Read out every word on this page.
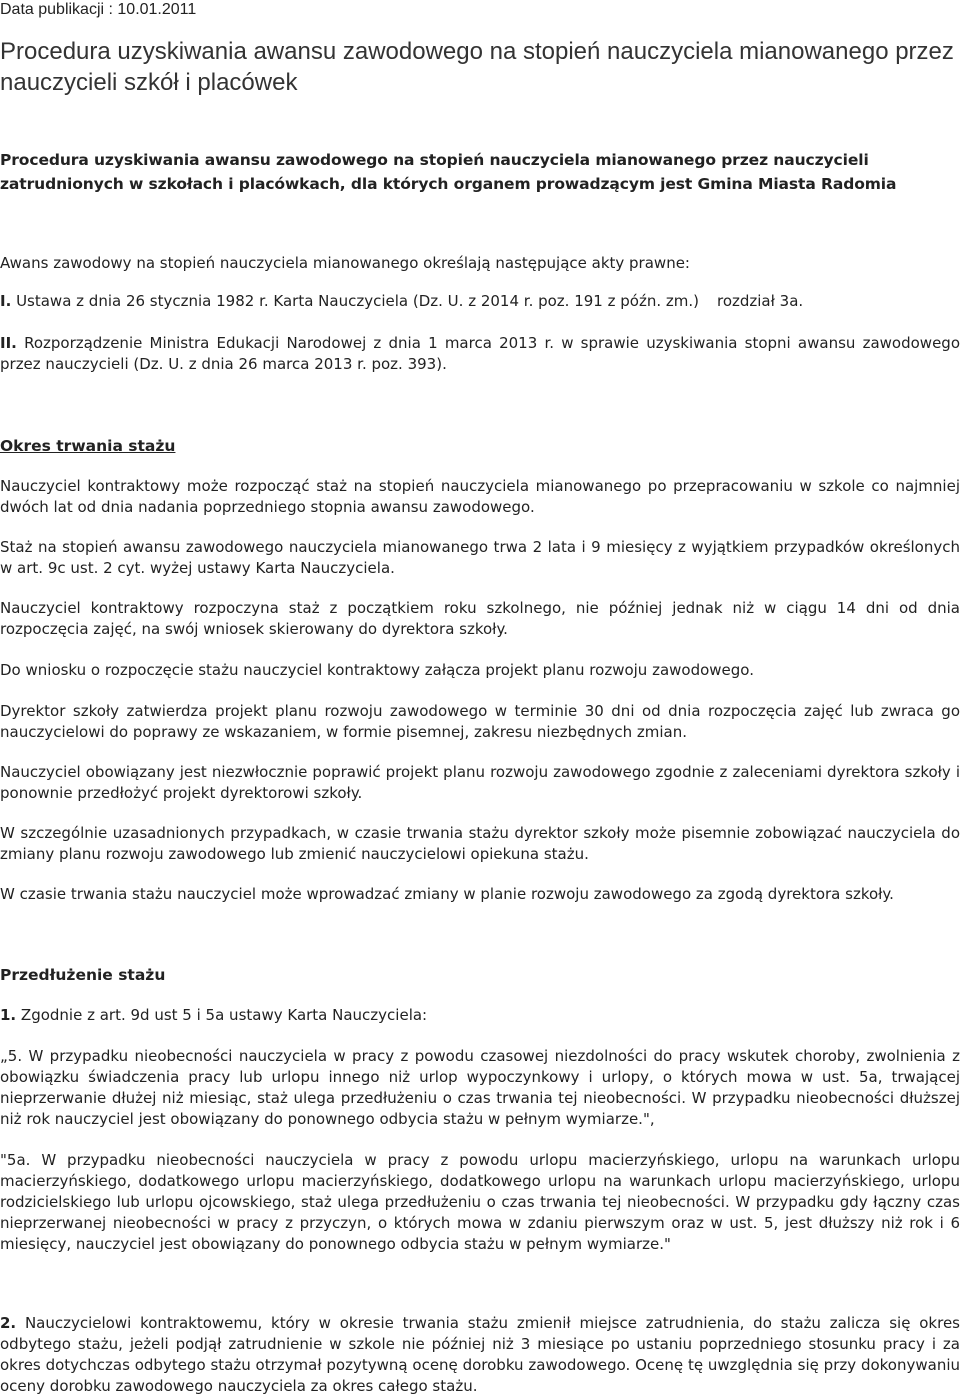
Data publikacji : 10.01.2011
Procedura uzyskiwania awansu zawodowego na stopień nauczyciela mianowanego przez nauczycieli szkół i placówek
Procedura uzyskiwania awansu zawodowego na stopień nauczyciela mianowanego przez nauczycieli zatrudnionych w szkołach i placówkach, dla których organem prowadzącym jest Gmina Miasta Radomia

Awans zawodowy na stopień nauczyciela mianowanego określają następujące akty prawne:

I. Ustawa z dnia 26 stycznia 1982 r. Karta Nauczyciela (Dz. U. z 2014 r. poz. 191 z późn. zm.) rozdział 3a.

II. Rozporządzenie Ministra Edukacji Narodowej z dnia 1 marca 2013 r. w sprawie uzyskiwania stopni awansu zawodowego przez nauczycieli (Dz. U. z dnia 26 marca 2013 r. poz. 393).

Okres trwania stażu

Nauczyciel kontraktowy może rozpocząć staż na stopień nauczyciela mianowanego po przepracowaniu w szkole co najmniej dwóch lat od dnia nadania poprzedniego stopnia awansu zawodowego.

Staż na stopień awansu zawodowego nauczyciela mianowanego trwa 2 lata i 9 miesięcy z wyjątkiem przypadków określonych w art. 9c ust. 2 cyt. wyżej ustawy Karta Nauczyciela.

Nauczyciel kontraktowy rozpoczyna staż z początkiem roku szkolnego, nie później jednak niż w ciągu 14 dni od dnia rozpoczęcia zajęć, na swój wniosek skierowany do dyrektora szkoły.

Do wniosku o rozpoczęcie stażu nauczyciel kontraktowy załącza projekt planu rozwoju zawodowego.

Dyrektor szkoły zatwierdza projekt planu rozwoju zawodowego w terminie 30 dni od dnia rozpoczęcia zajęć lub zwraca go nauczycielowi do poprawy ze wskazaniem, w formie pisemnej, zakresu niezbędnych zmian.

Nauczyciel obowiązany jest niezwłocznie poprawić projekt planu rozwoju zawodowego zgodnie z zaleceniami dyrektora szkoły i ponownie przedłożyć projekt dyrektorowi szkoły.

W szczególnie uzasadnionych przypadkach, w czasie trwania stażu dyrektor szkoły może pisemnie zobowiązać nauczyciela do zmiany planu rozwoju zawodowego lub zmienić nauczycielowi opiekuna stażu.

W czasie trwania stażu nauczyciel może wprowadzać zmiany w planie rozwoju zawodowego za zgodą dyrektora szkoły.

Przedłużenie stażu

1. Zgodnie z art. 9d ust 5 i 5a ustawy Karta Nauczyciela:

„5. W przypadku nieobecności nauczyciela w pracy z powodu czasowej niezdolności do pracy wskutek choroby, zwolnienia z obowiązku świadczenia pracy lub urlopu innego niż urlop wypoczynkowy i urlopy, o których mowa w ust. 5a, trwającej nieprzerwanie dłużej niż miesiąc, staż ulega przedłużeniu o czas trwania tej nieobecności. W przypadku nieobecności dłuższej niż rok nauczyciel jest obowiązany do ponownego odbycia stażu w pełnym wymiarze.",

"5a. W przypadku nieobecności nauczyciela w pracy z powodu urlopu macierzyńskiego, urlopu na warunkach urlopu macierzyńskiego, dodatkowego urlopu macierzyńskiego, dodatkowego urlopu na warunkach urlopu macierzyńskiego, urlopu rodzicielskiego lub urlopu ojcowskiego, staż ulega przedłużeniu o czas trwania tej nieobecności. W przypadku gdy łączny czas nieprzerwanej nieobecności w pracy z przyczyn, o których mowa w zdaniu pierwszym oraz w ust. 5, jest dłuższy niż rok i 6 miesięcy, nauczyciel jest obowiązany do ponownego odbycia stażu w pełnym wymiarze."

2. Nauczycielowi kontraktowemu, który w okresie trwania stażu zmienił miejsce zatrudnienia, do stażu zalicza się okres odbytego stażu, jeżeli podjął zatrudnienie w szkole nie później niż 3 miesiące po ustaniu poprzedniego stosunku pracy i za okres dotychczas odbytego stażu otrzymał pozytywną ocenę dorobku zawodowego. Ocenę tę uwzględnia się przy dokonywaniu oceny dorobku zawodowego nauczyciela za okres całego stażu.
